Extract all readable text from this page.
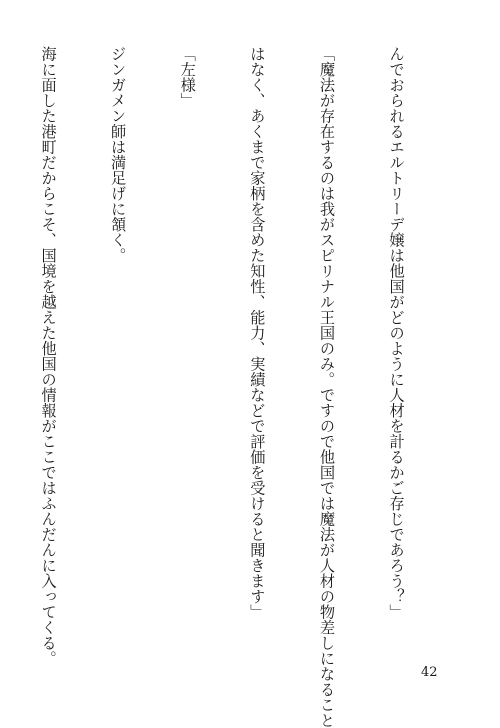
んでおられるエルトリーデ嬢は他国がどのように人材を計るかご存じであろう？」

「魔法が存在するのは我がスピリナル王国のみ。ですので他国では魔法が人材の物差しになること

はなく、あくまで家柄を含めた知性、能力、実績などで評価を受けると聞きます」

「左様」

ジンガメン師は満足げに頷く。

海に面した港町だからこそ、国境を越えた他国の情報がここではふんだんに入ってくる。

42
